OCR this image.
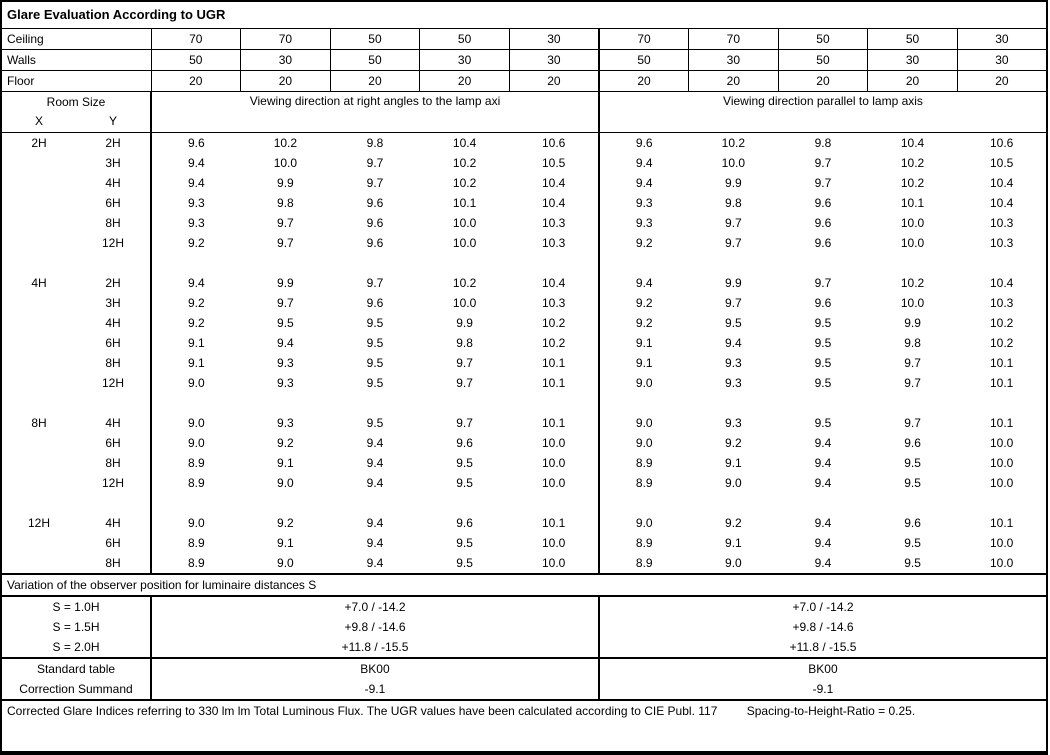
Glare Evaluation According to UGR											
Ceiling		70	70	50	50	30	70	70	50	50	30
Walls		50	30	50	30	30	50	30	50	30	30
Floor		20	20	20	20	20	20	20	20	20	20

Room Size
X Y		Viewing direction at right angles to the lamp axi					Viewing direction parallel to lamp axis				
2H	2H	9.6	10.2	9.8	10.4	10.6	9.6	10.2	9.8	10.4	10.6
	3H	9.4	10.0	9.7	10.2	10.5	9.4	10.0	9.7	10.2	10.5
	4H	9.4	9.9	9.7	10.2	10.4	9.4	9.9	9.7	10.2	10.4
	6H	9.3	9.8	9.6	10.1	10.4	9.3	9.8	9.6	10.1	10.4
	8H	9.3	9.7	9.6	10.0	10.3	9.3	9.7	9.6	10.0	10.3
	12H	9.2	9.7	9.6	10.0	10.3	9.2	9.7	9.6	10.0	10.3

4H	2H	9.4	9.9	9.7	10.2	10.4	9.4	9.9	9.7	10.2	10.4
	3H	9.2	9.7	9.6	10.0	10.3	9.2	9.7	9.6	10.0	10.3
	4H	9.2	9.5	9.5	9.9	10.2	9.2	9.5	9.5	9.9	10.2
	6H	9.1	9.4	9.5	9.8	10.2	9.1	9.4	9.5	9.8	10.2
	8H	9.1	9.3	9.5	9.7	10.1	9.1	9.3	9.5	9.7	10.1
	12H	9.0	9.3	9.5	9.7	10.1	9.0	9.3	9.5	9.7	10.1

8H	4H	9.0	9.3	9.5	9.7	10.1	9.0	9.3	9.5	9.7	10.1
	6H	9.0	9.2	9.4	9.6	10.0	9.0	9.2	9.4	9.6	10.0
	8H	8.9	9.1	9.4	9.5	10.0	8.9	9.1	9.4	9.5	10.0
	12H	8.9	9.0	9.4	9.5	10.0	8.9	9.0	9.4	9.5	10.0

12H	4H	9.0	9.2	9.4	9.6	10.1	9.0	9.2	9.4	9.6	10.1
	6H	8.9	9.1	9.4	9.5	10.0	8.9	9.1	9.4	9.5	10.0
	8H	8.9	9.0	9.4	9.5	10.0	8.9	9.0	9.4	9.5	10.0
Variation of the observer position for luminaire distances S											
S = 1.0H		+7.0 / -14.2					+7.0 / -14.2				
S = 1.5H		+9.8 / -14.6					+9.8 / -14.6				
S = 2.0H		+11.8 / -15.5					+11.8 / -15.5				
Standard table		BK00					BK00				
Correction Summand		-9.1					-9.1				
Corrected Glare Indices referring to 330 lm lm Total Luminous Flux. The UGR values have been calculated according to CIE Publ. 117 Spacing-to-Height-Ratio = 0.25.											
